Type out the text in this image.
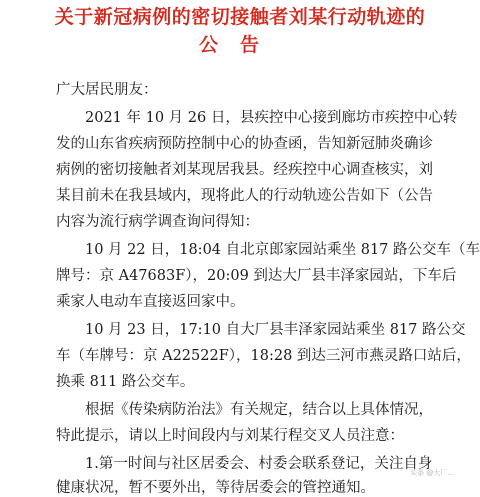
关于新冠病例的密切接触者刘某行动轨迹的
公告
广大居民朋友：
　　2021 年 10 月 26 日，县疾控中心接到廊坊市疾控中心转
发的山东省疾病预防控制中心的协查函，告知新冠肺炎确诊
病例的密切接触者刘某现居我县。经疾控中心调查核实，刘
某目前未在我县域内，现将此人的行动轨迹公告如下（公告
内容为流行病学调查询问得知：
　　10 月 22 日，18:04 自北京郎家园站乘坐 817 路公交车（车
牌号：京 A47683F），20:09 到达大厂县丰泽家园站，下车后
乘家人电动车直接返回家中。
　　10 月 23 日，17:10 自大厂县丰泽家园站乘坐 817 路公交
车（车牌号：京 A22522F），18:28 到达三河市燕灵路口站后，
换乘 811 路公交车。
　　根据《传染病防治法》有关规定，结合以上具体情况，
特此提示，请以上时间段内与刘某行程交叉人员注意：
　　1.第一时间与社区居委会、村委会联系登记，关注自身
健康状况，暂不要外出，等待居委会的管控通知。
头条 @大厂...
